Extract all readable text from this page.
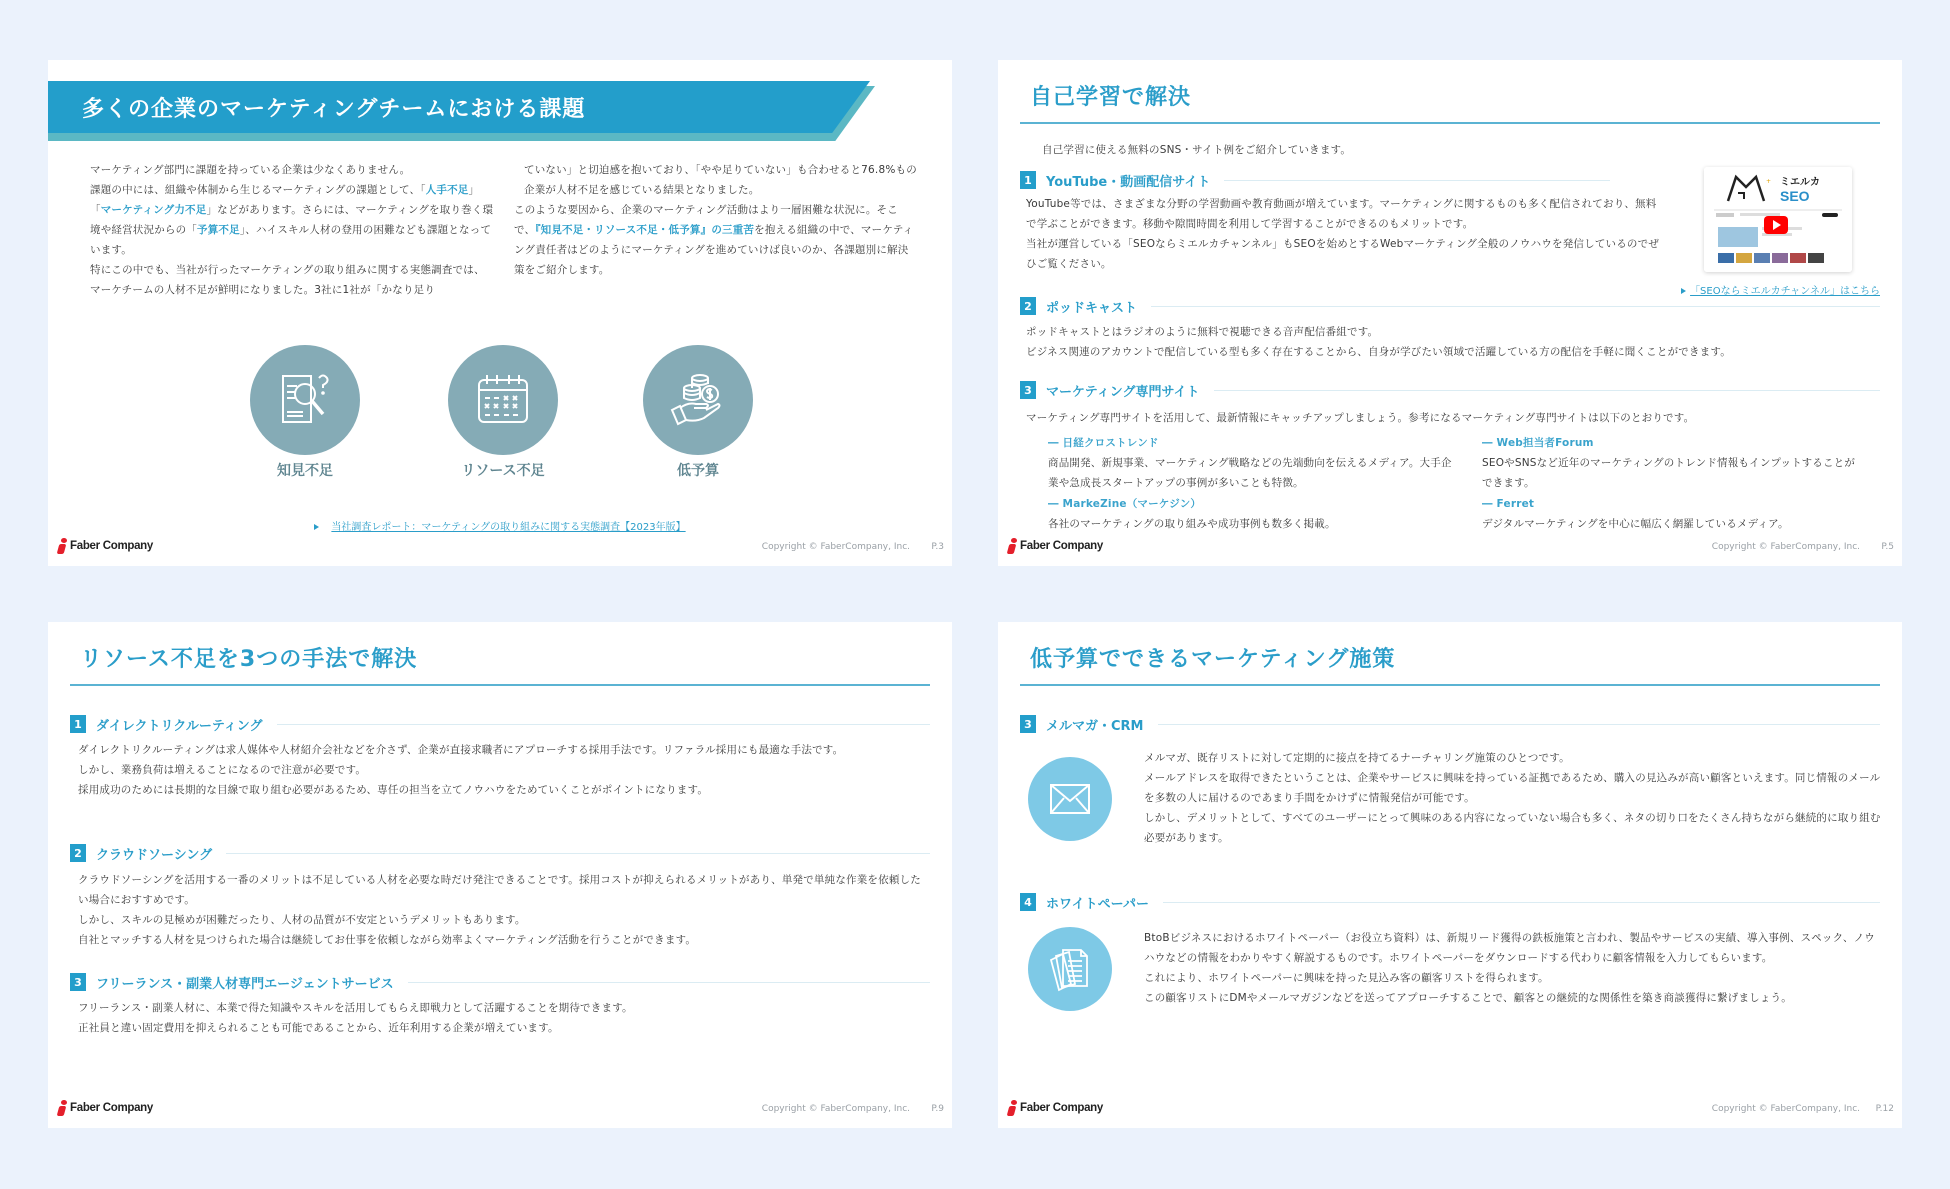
多くの企業のマーケティングチームにおける課題
マーケティング部門に課題を持っている企業は少なくありません。
課題の中には、組織や体制から生じるマーケティングの課題として、「人手不足」「マーケティング力不足」などがあります。さらには、マーケティングを取り巻く環境や経営状況からの「予算不足」、ハイスキル人材の登用の困難なども課題となっています。
特にこの中でも、当社が行ったマーケティングの取り組みに関する実態調査では、マーケチームの人材不足が鮮明になりました。3社に1社が「かなり足り
ていない」と切迫感を抱いており、「やや足りていない」も合わせると76.8%もの企業が人材不足を感じている結果となりました。
このような要因から、企業のマーケティング活動はより一層困難な状況に。そこで、『知見不足・リソース不足・低予算』の三重苦を抱える組織の中で、マーケティング責任者はどのようにマーケティングを進めていけば良いのか、各課題別に解決策をご紹介します。
知見不足	リソース不足	低予算
当社調査レポート：マーケティングの取り組みに関する実態調査【2023年版】
Faber Company	Copyright © FaberCompany, Inc. P.3
自己学習で解決
自己学習に使える無料のSNS・サイト例をご紹介していきます。
1	YouTube・動画配信サイト
YouTube等では、さまざまな分野の学習動画や教育動画が増えています。マーケティングに関するものも多く配信されており、無料で学ぶことができます。移動や隙間時間を利用して学習することができるのもメリットです。
当社が運営している「SEOならミエルカチャンネル」もSEOを始めとするWebマーケティング全般のノウハウを発信しているのでぜひご覧ください。
+ ミエルカ
SEO
「SEOならミエルカチャンネル」はこちら
2	ポッドキャスト
ポッドキャストとはラジオのように無料で視聴できる音声配信番組です。
ビジネス関連のアカウントで配信している型も多く存在することから、自身が学びたい領域で活躍している方の配信を手軽に聞くことができます。
3	マーケティング専門サイト
マーケティング専門サイトを活用して、最新情報にキャッチアップしましょう。参考になるマーケティング専門サイトは以下のとおりです。
― 日経クロストレンド
商品開発、新規事業、マーケティング戦略などの先端動向を伝えるメディア。大手企業や急成長スタートアップの事例が多いことも特徴。
― Web担当者Forum
SEOやSNSなど近年のマーケティングのトレンド情報もインプットすることができます。
― MarkeZine（マーケジン）
各社のマーケティングの取り組みや成功事例も数多く掲載。
― Ferret
デジタルマーケティングを中心に幅広く網羅しているメディア。
Faber Company	Copyright © FaberCompany, Inc. P.5
リソース不足を3つの手法で解決
1	ダイレクトリクルーティング
ダイレクトリクルーティングは求人媒体や人材紹介会社などを介さず、企業が直接求職者にアプローチする採用手法です。リファラル採用にも最適な手法です。
しかし、業務負荷は増えることになるので注意が必要です。
採用成功のためには長期的な目線で取り組む必要があるため、専任の担当を立てノウハウをためていくことがポイントになります。
2	クラウドソーシング
クラウドソーシングを活用する一番のメリットは不足している人材を必要な時だけ発注できることです。採用コストが抑えられるメリットがあり、単発で単純な作業を依頼したい場合におすすめです。
しかし、スキルの見極めが困難だったり、人材の品質が不安定というデメリットもあります。
自社とマッチする人材を見つけられた場合は継続してお仕事を依頼しながら効率よくマーケティング活動を行うことができます。
3	フリーランス・副業人材専門エージェントサービス
フリーランス・副業人材に、本業で得た知識やスキルを活用してもらえ即戦力として活躍することを期待できます。
正社員と違い固定費用を抑えられることも可能であることから、近年利用する企業が増えています。
Faber Company	Copyright © FaberCompany, Inc. P.9
低予算でできるマーケティング施策
3	メルマガ・CRM
メルマガ、既存リストに対して定期的に接点を持てるナーチャリング施策のひとつです。
メールアドレスを取得できたということは、企業やサービスに興味を持っている証拠であるため、購入の見込みが高い顧客といえます。同じ情報のメールを多数の人に届けるのであまり手間をかけずに情報発信が可能です。
しかし、デメリットとして、すべてのユーザーにとって興味のある内容になっていない場合も多く、ネタの切り口をたくさん持ちながら継続的に取り組む必要があります。
4	ホワイトペーパー
BtoBビジネスにおけるホワイトペーパー（お役立ち資料）は、新規リード獲得の鉄板施策と言われ、製品やサービスの実績、導入事例、スペック、ノウハウなどの情報をわかりやすく解説するものです。ホワイトペーパーをダウンロードする代わりに顧客情報を入力してもらいます。
これにより、ホワイトペーパーに興味を持った見込み客の顧客リストを得られます。
この顧客リストにDMやメールマガジンなどを送ってアプローチすることで、顧客との継続的な関係性を築き商談獲得に繋げましょう。
Faber Company	Copyright © FaberCompany, Inc. P.12
